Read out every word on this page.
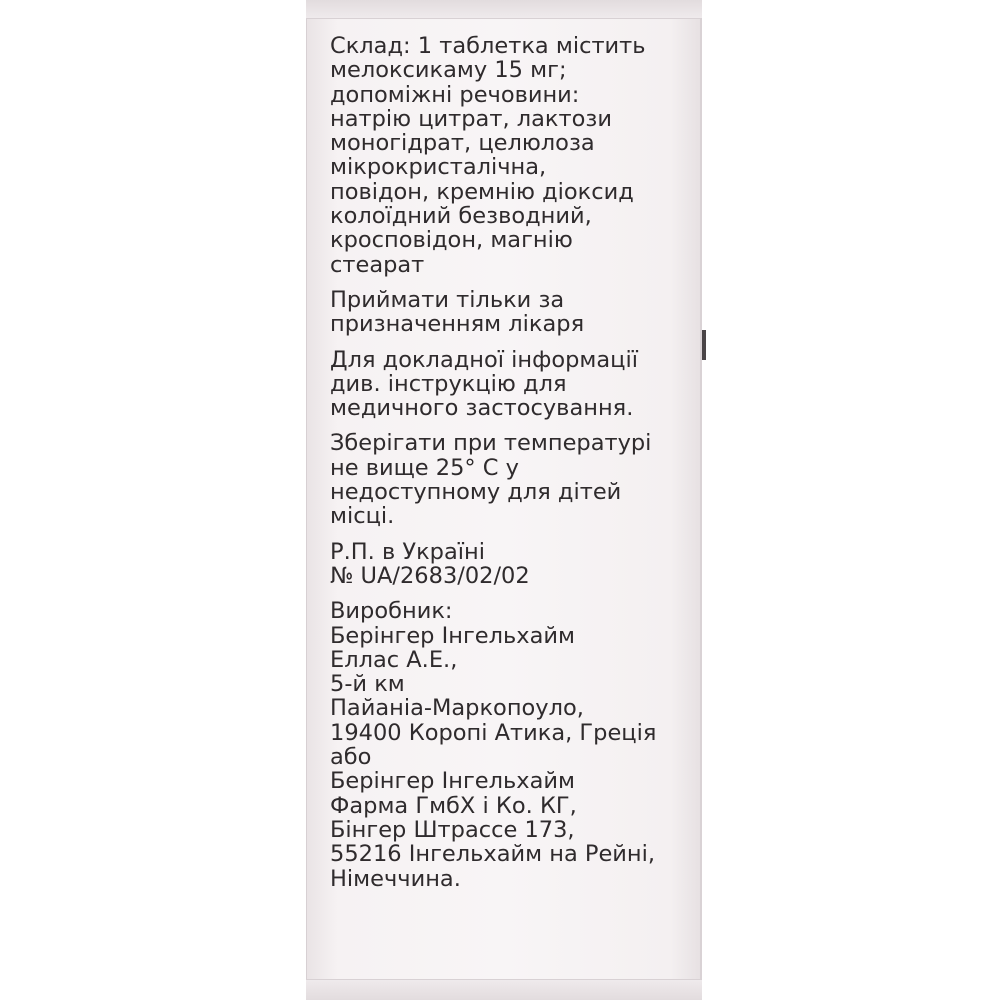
Склад: 1 таблетка містить
мелоксикаму 15 мг;
допоміжні речовини:
натрію цитрат, лактози
моногідрат, целюлоза
мікрокристалічна,
повідон, кремнію діоксид
колоїдний безводний,
кросповідон, магнію
стеарат

Приймати тільки за
призначенням лікаря

Для докладної інформації
див. інструкцію для
медичного застосування.

Зберігати при температурі
не вище 25° С у
недоступному для дітей
місці.

Р.П. в Україні
№ UA/2683/02/02

Виробник:
Берінгер Інгельхайм
Еллас А.Е.,
5-й км
Пайаніа-Маркопоуло,
19400 Коропі Атика, Греція
або
Берінгер Інгельхайм
Фарма ГмбХ і Ко. КГ,
Бінгер Штрассе 173,
55216 Інгельхайм на Рейні,
Німеччина.
